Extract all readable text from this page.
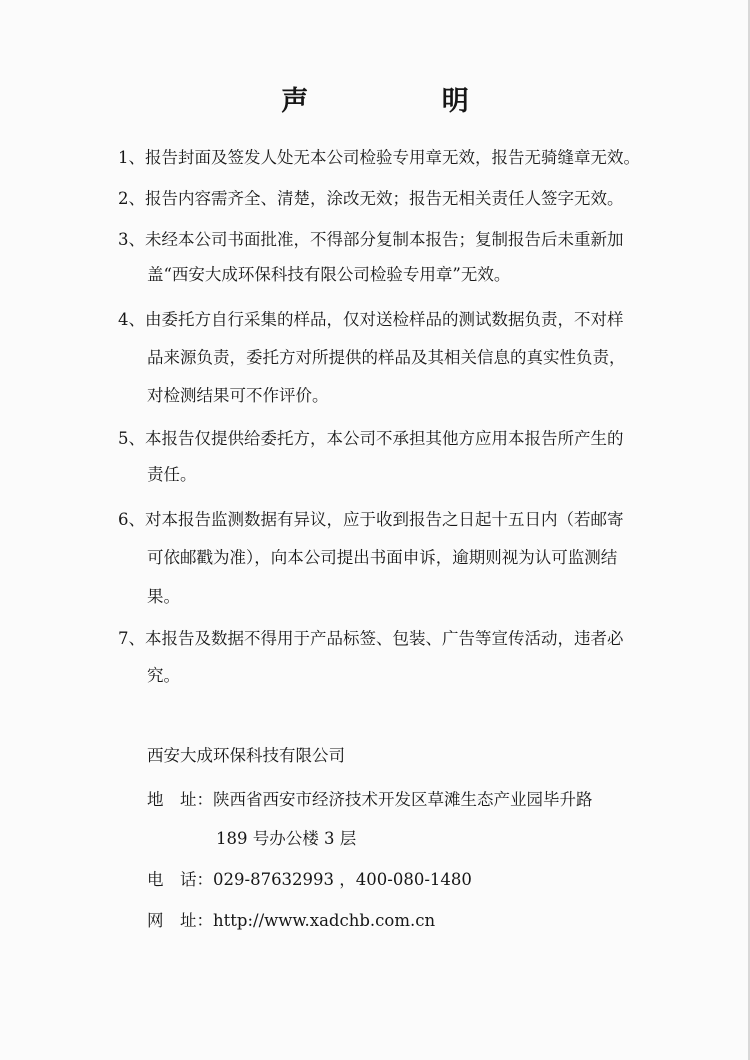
声 明
1、报告封面及签发人处无本公司检验专用章无效，报告无骑缝章无效。
2、报告内容需齐全、清楚，涂改无效；报告无相关责任人签字无效。
3、未经本公司书面批准，不得部分复制本报告；复制报告后未重新加
盖“西安大成环保科技有限公司检验专用章”无效。
4、由委托方自行采集的样品，仅对送检样品的测试数据负责，不对样
品来源负责，委托方对所提供的样品及其相关信息的真实性负责，
对检测结果可不作评价。
5、本报告仅提供给委托方，本公司不承担其他方应用本报告所产生的
责任。
6、对本报告监测数据有异议，应于收到报告之日起十五日内（若邮寄
可依邮戳为准），向本公司提出书面申诉，逾期则视为认可监测结
果。
7、本报告及数据不得用于产品标签、包装、广告等宣传活动，违者必
究。
西安大成环保科技有限公司
地　址：陕西省西安市经济技术开发区草滩生态产业园毕升路
189 号办公楼 3 层
电　话：029-87632993 ，400-080-1480
网　址：http://www.xadchb.com.cn
